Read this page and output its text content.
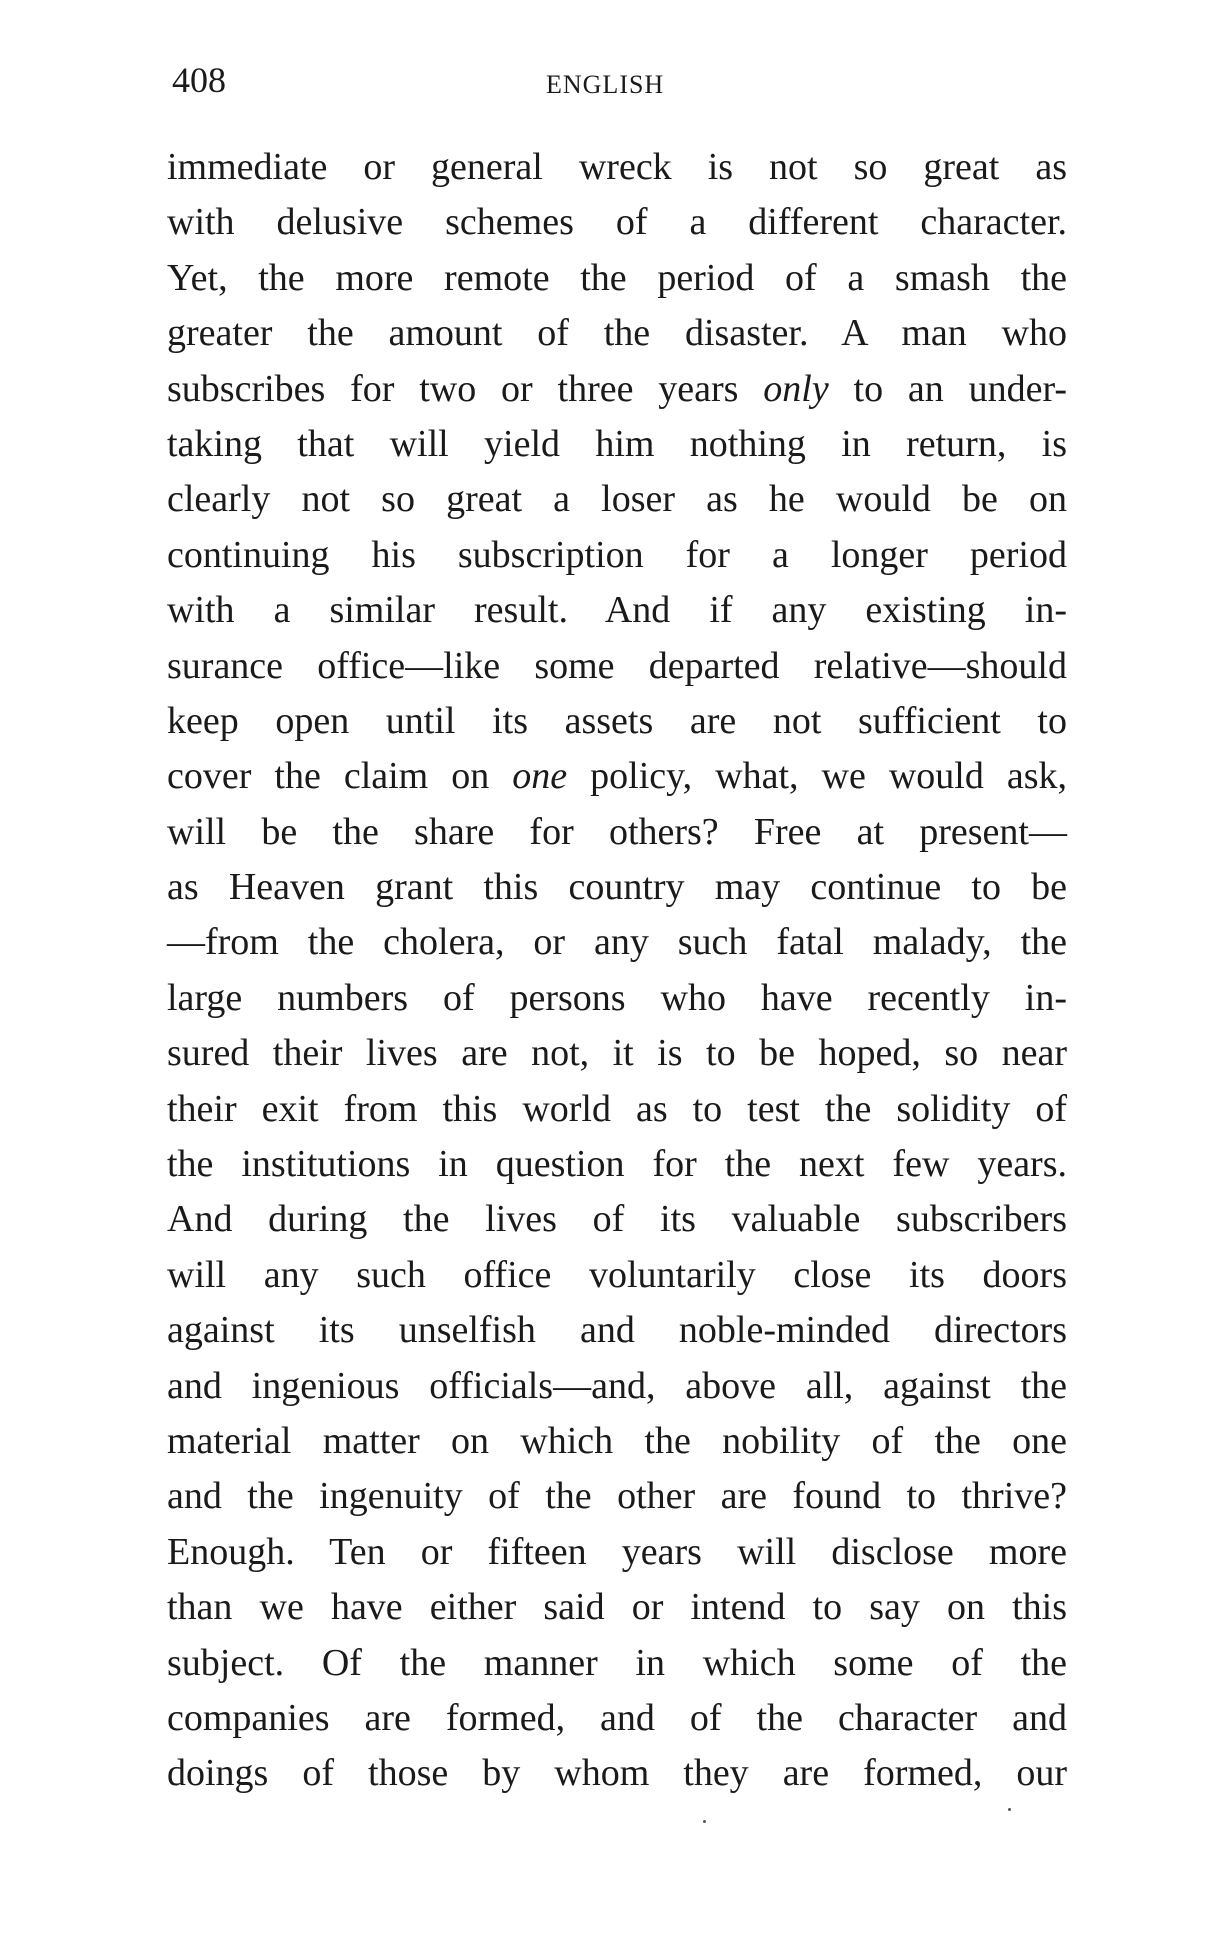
408	ENGLISH
immediate or general wreck is not so great as
with delusive schemes of a different character.
Yet, the more remote the period of a smash the
greater the amount of the disaster. A man who
subscribes for two or three years only to an under-
taking that will yield him nothing in return, is
clearly not so great a loser as he would be on
continuing his subscription for a longer period
with a similar result. And if any existing in-
surance office—like some departed relative—should
keep open until its assets are not sufficient to
cover the claim on one policy, what, we would ask,
will be the share for others? Free at present—
as Heaven grant this country may continue to be
—from the cholera, or any such fatal malady, the
large numbers of persons who have recently in-
sured their lives are not, it is to be hoped, so near
their exit from this world as to test the solidity of
the institutions in question for the next few years.
And during the lives of its valuable subscribers
will any such office voluntarily close its doors
against its unselfish and noble-minded directors
and ingenious officials—and, above all, against the
material matter on which the nobility of the one
and the ingenuity of the other are found to thrive?
Enough. Ten or fifteen years will disclose more
than we have either said or intend to say on this
subject. Of the manner in which some of the
companies are formed, and of the character and
doings of those by whom they are formed, our
